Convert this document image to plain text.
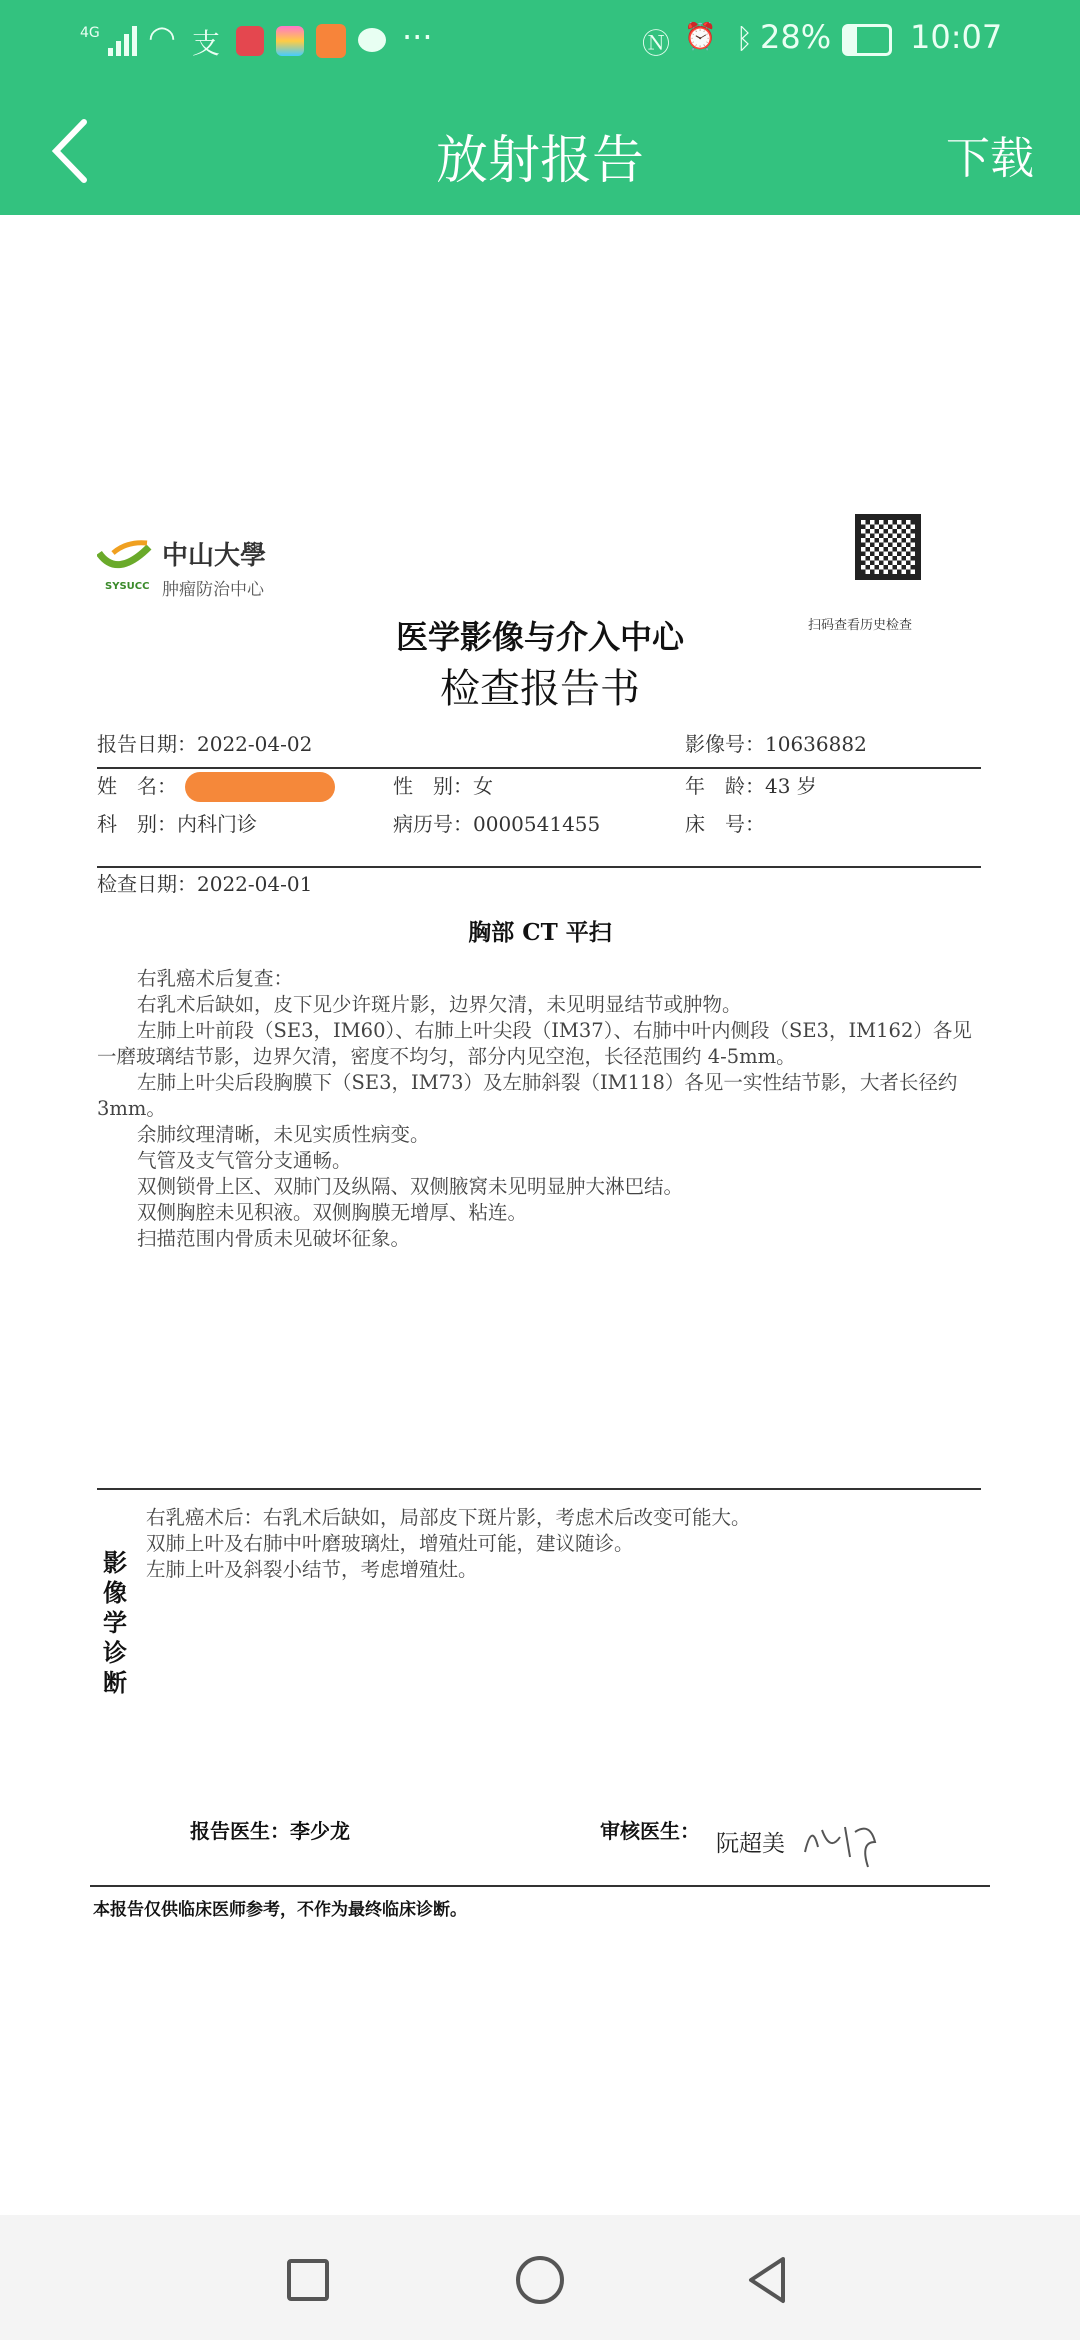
4G ◠ 支	···	Ⓝ ⏰ ᛒ 28% 10:07
放射报告	下载
SYSUCC
中山大學
肿瘤防治中心
扫码查看历史检查
医学影像与介入中心
检查报告书
报告日期：2022-04-02	影像号：10636882
姓　名：	性　别：女	年　龄：43 岁
科　别：内科门诊	病历号：0000541455	床　号：
检查日期：2022-04-01
胸部 CT 平扫
右乳癌术后复查：
右乳术后缺如，皮下见少许斑片影，边界欠清，未见明显结节或肿物。
左肺上叶前段（SE3，IM60）、右肺上叶尖段（IM37）、右肺中叶内侧段（SE3，IM162）各见一磨玻璃结节影，边界欠清，密度不均匀，部分内见空泡，长径范围约 4-5mm。
左肺上叶尖后段胸膜下（SE3，IM73）及左肺斜裂（IM118）各见一实性结节影，大者长径约 3mm。
余肺纹理清晰，未见实质性病变。
气管及支气管分支通畅。
双侧锁骨上区、双肺门及纵隔、双侧腋窝未见明显肿大淋巴结。
双侧胸腔未见积液。双侧胸膜无增厚、粘连。
扫描范围内骨质未见破坏征象。
影像学诊断
右乳癌术后：右乳术后缺如，局部皮下斑片影，考虑术后改变可能大。
双肺上叶及右肺中叶磨玻璃灶，增殖灶可能，建议随诊。
左肺上叶及斜裂小结节，考虑增殖灶。
报告医生：李少龙	审核医生： 阮超美
本报告仅供临床医师参考，不作为最终临床诊断。
